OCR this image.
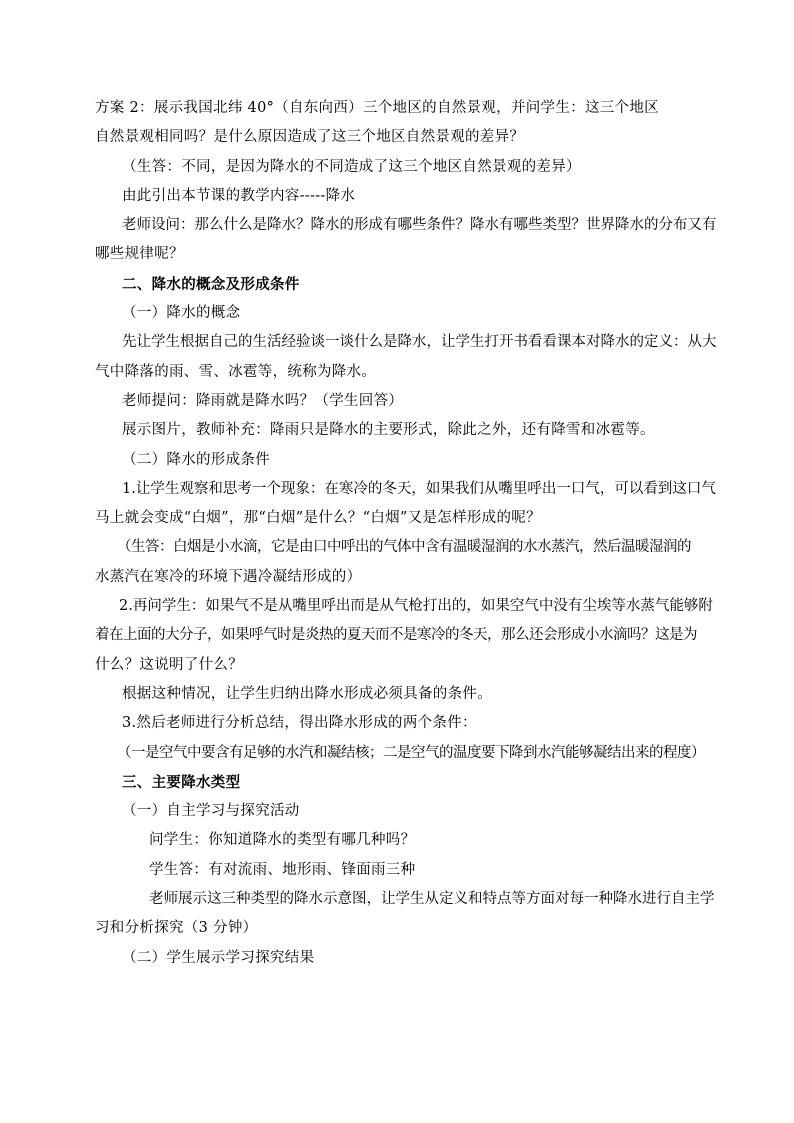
方案 2：展示我国北纬 40°（自东向西）三个地区的自然景观，并问学生：这三个地区
自然景观相同吗？是什么原因造成了这三个地区自然景观的差异？
（生答：不同，是因为降水的不同造成了这三个地区自然景观的差异）
由此引出本节课的教学内容-----降水
老师设问：那么什么是降水？降水的形成有哪些条件？降水有哪些类型？世界降水的分布又有
哪些规律呢？
二、降水的概念及形成条件
（一）降水的概念
先让学生根据自己的生活经验谈一谈什么是降水，让学生打开书看看课本对降水的定义：从大
气中降落的雨、雪、冰雹等，统称为降水。
老师提问：降雨就是降水吗？（学生回答）
展示图片，教师补充：降雨只是降水的主要形式，除此之外，还有降雪和冰雹等。
（二）降水的形成条件
1.让学生观察和思考一个现象：在寒冷的冬天，如果我们从嘴里呼出一口气，可以看到这口气
马上就会变成“白烟”，那“白烟”是什么？“白烟”又是怎样形成的呢？
（生答：白烟是小水滴，它是由口中呼出的气体中含有温暖湿润的水水蒸汽，然后温暖湿润的
水蒸汽在寒冷的环境下遇冷凝结形成的）
2.再问学生：如果气不是从嘴里呼出而是从气枪打出的，如果空气中没有尘埃等水蒸气能够附
着在上面的大分子，如果呼气时是炎热的夏天而不是寒冷的冬天，那么还会形成小水滴吗？这是为
什么？这说明了什么？
根据这种情况，让学生归纳出降水形成必须具备的条件。
3.然后老师进行分析总结，得出降水形成的两个条件：
（一是空气中要含有足够的水汽和凝结核；二是空气的温度要下降到水汽能够凝结出来的程度）
三、主要降水类型
（一）自主学习与探究活动
问学生：你知道降水的类型有哪几种吗？
学生答：有对流雨、地形雨、锋面雨三种
老师展示这三种类型的降水示意图，让学生从定义和特点等方面对每一种降水进行自主学
习和分析探究（3 分钟）
（二）学生展示学习探究结果
